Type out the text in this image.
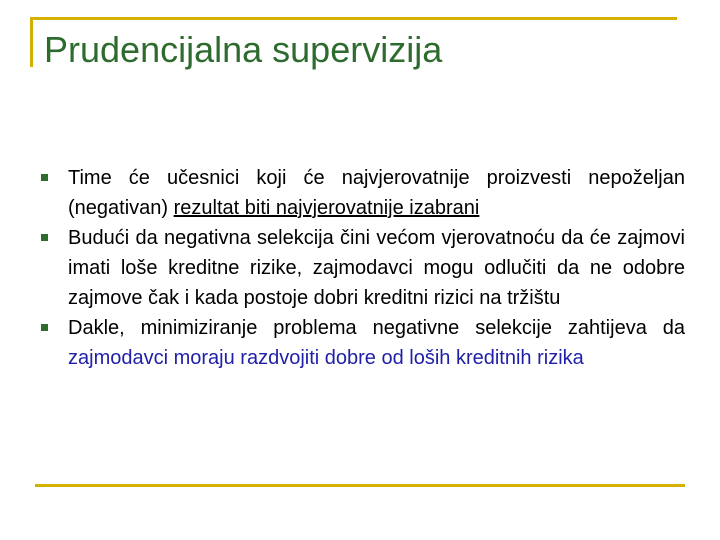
Prudencijalna supervizija
Time će učesnici koji će najvjerovatnije proizvesti nepoželjan (negativan) rezultat biti najvjerovatnije izabrani
Budući da negativna selekcija čini većom vjerovatnoću da će zajmovi imati loše kreditne rizike, zajmodavci mogu odlučiti da ne odobre zajmove čak i kada postoje dobri kreditni rizici na tržištu
Dakle, minimiziranje problema negativne selekcije zahtijeva da zajmodavci moraju razdvojiti dobre od loših kreditnih rizika
